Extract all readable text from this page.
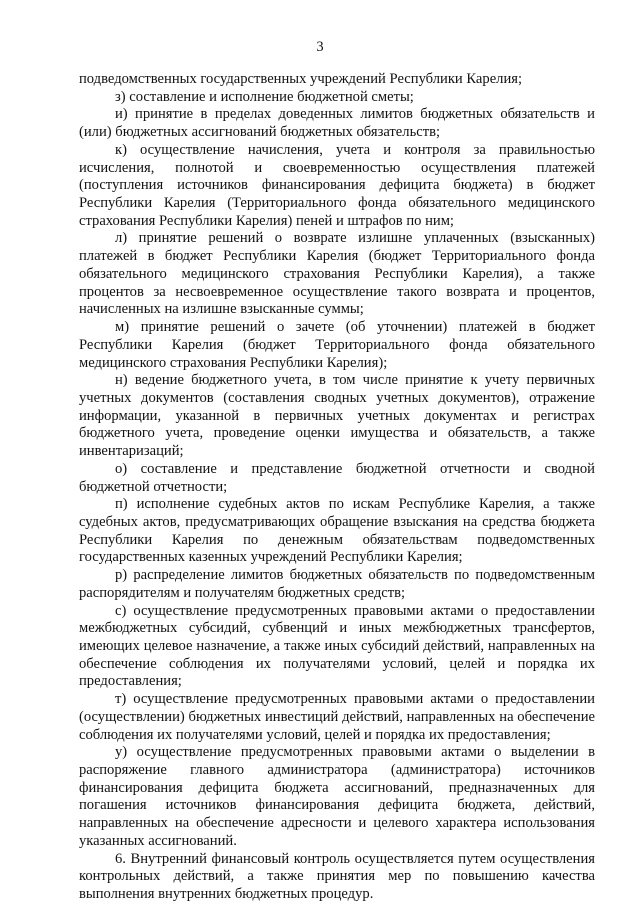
3

подведомственных государственных учреждений Республики Карелия;

з) составление и исполнение бюджетной сметы;

и) принятие в пределах доведенных лимитов бюджетных обязательств и (или) бюджетных ассигнований бюджетных обязательств;

к) осуществление начисления, учета и контроля за правильностью исчисления, полнотой и своевременностью осуществления платежей (поступления источников финансирования дефицита бюджета) в бюджет Республики Карелия (Территориального фонда обязательного медицинского страхования Республики Карелия) пеней и штрафов по ним;

л) принятие решений о возврате излишне уплаченных (взысканных) платежей в бюджет Республики Карелия (бюджет Территориального фонда обязательного медицинского страхования Республики Карелия), а также процентов за несвоевременное осуществление такого возврата и процентов, начисленных на излишне взысканные суммы;

м) принятие решений о зачете (об уточнении) платежей в бюджет Республики Карелия (бюджет Территориального фонда обязательного медицинского страхования Республики Карелия);

н) ведение бюджетного учета, в том числе принятие к учету первичных учетных документов (составления сводных учетных документов), отражение информации, указанной в первичных учетных документах и регистрах бюджетного учета, проведение оценки имущества и обязательств, а также инвентаризаций;

о) составление и представление бюджетной отчетности и сводной бюджетной отчетности;

п) исполнение судебных актов по искам Республике Карелия, а также судебных актов, предусматривающих обращение взыскания на средства бюджета Республики Карелия по денежным обязательствам подведомственных государственных казенных учреждений Республики Карелия;

р) распределение лимитов бюджетных обязательств по подведомственным распорядителям и получателям бюджетных средств;

с) осуществление предусмотренных правовыми актами о предоставлении межбюджетных субсидий, субвенций и иных межбюджетных трансфертов, имеющих целевое назначение, а также иных субсидий действий, направленных на обеспечение соблюдения их получателями условий, целей и порядка их предоставления;

т) осуществление предусмотренных правовыми актами о предоставлении (осуществлении) бюджетных инвестиций действий, направленных на обеспечение соблюдения их получателями условий, целей и порядка их предоставления;

у) осуществление предусмотренных правовыми актами о выделении в распоряжение главного администратора (администратора) источников финансирования дефицита бюджета ассигнований, предназначенных для погашения источников финансирования дефицита бюджета, действий, направленных на обеспечение адресности и целевого характера использования указанных ассигнований.

6. Внутренний финансовый контроль осуществляется путем осуществления контрольных действий, а также принятия мер по повышению качества выполнения внутренних бюджетных процедур.
